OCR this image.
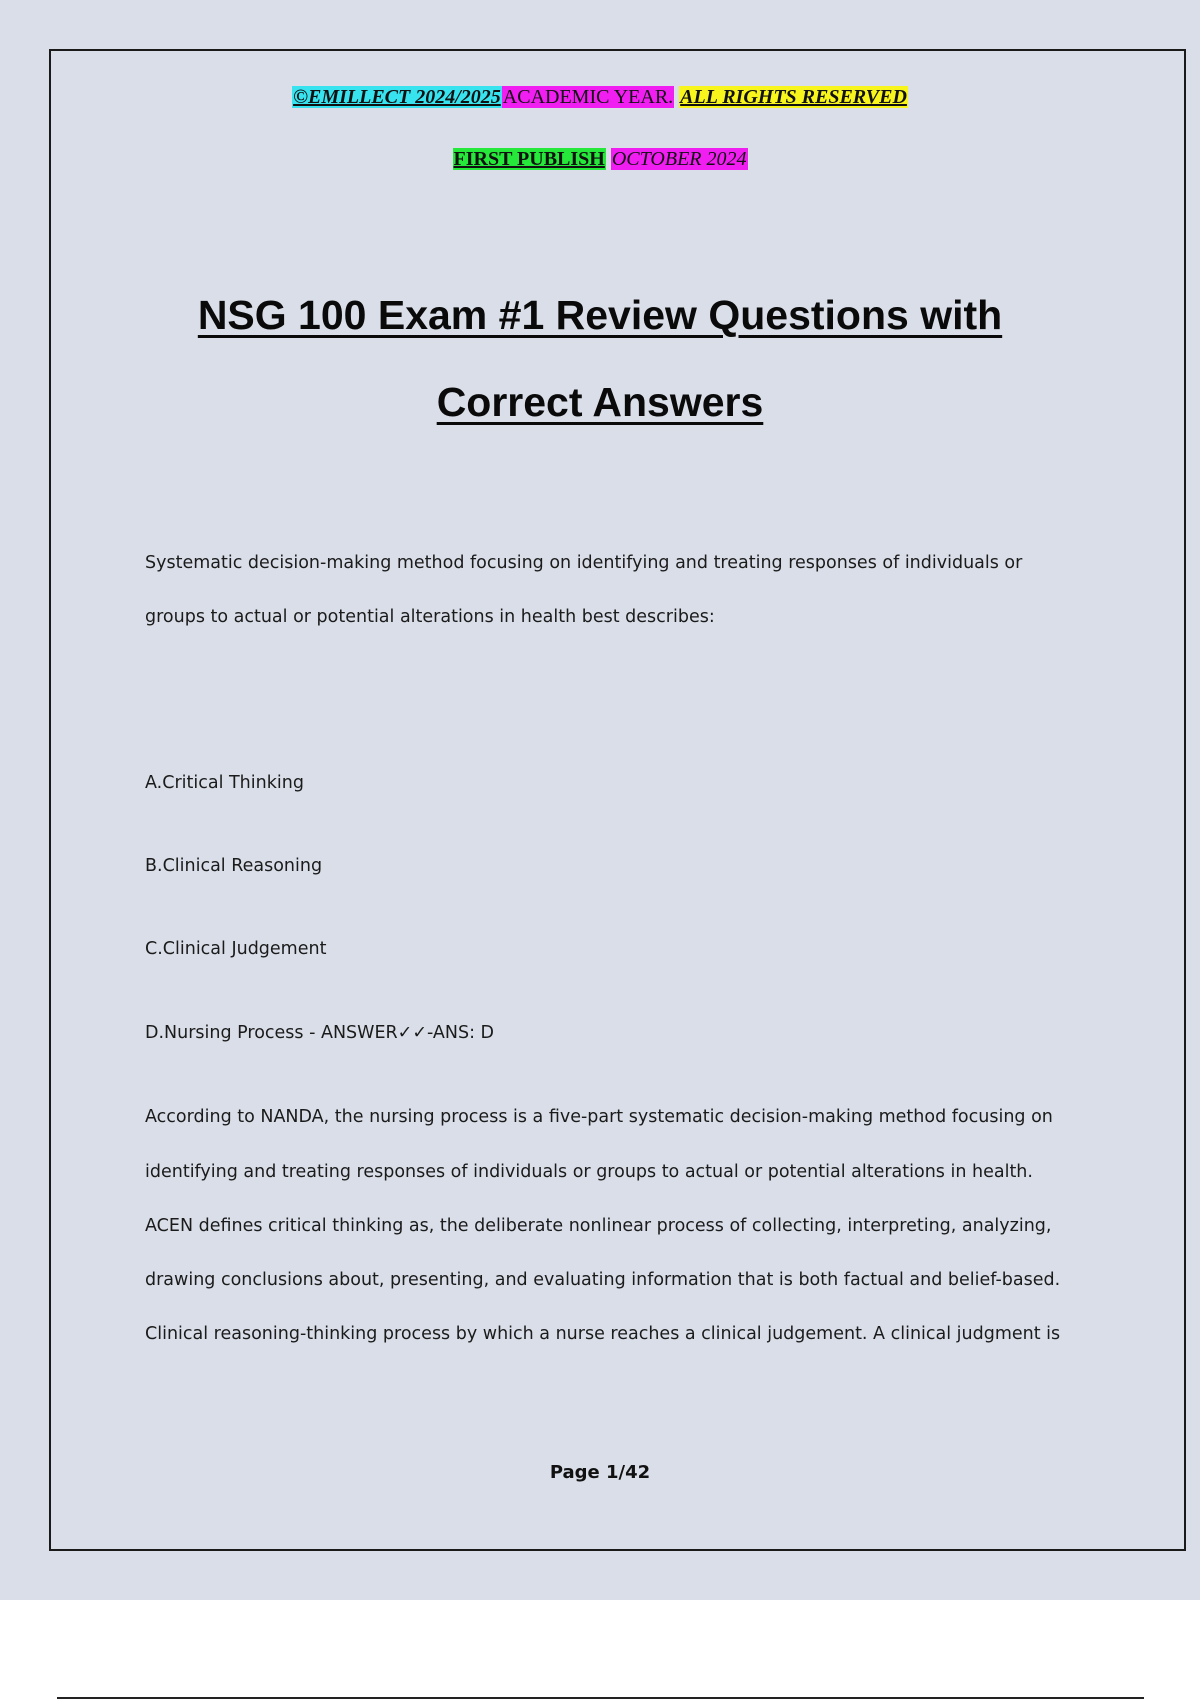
©EMILLECT 2024/2025 ACADEMIC YEAR. ALL RIGHTS RESERVED
FIRST PUBLISH OCTOBER 2024
NSG 100 Exam #1 Review Questions with
Correct Answers
Systematic decision-making method focusing on identifying and treating responses of individuals or
groups to actual or potential alterations in health best describes:
A.Critical Thinking
B.Clinical Reasoning
C.Clinical Judgement
D.Nursing Process - ANSWER✓✓-ANS: D
According to NANDA, the nursing process is a five-part systematic decision-making method focusing on
identifying and treating responses of individuals or groups to actual or potential alterations in health.
ACEN defines critical thinking as, the deliberate nonlinear process of collecting, interpreting, analyzing,
drawing conclusions about, presenting, and evaluating information that is both factual and belief-based.
Clinical reasoning-thinking process by which a nurse reaches a clinical judgement. A clinical judgment is
Page 1/42
